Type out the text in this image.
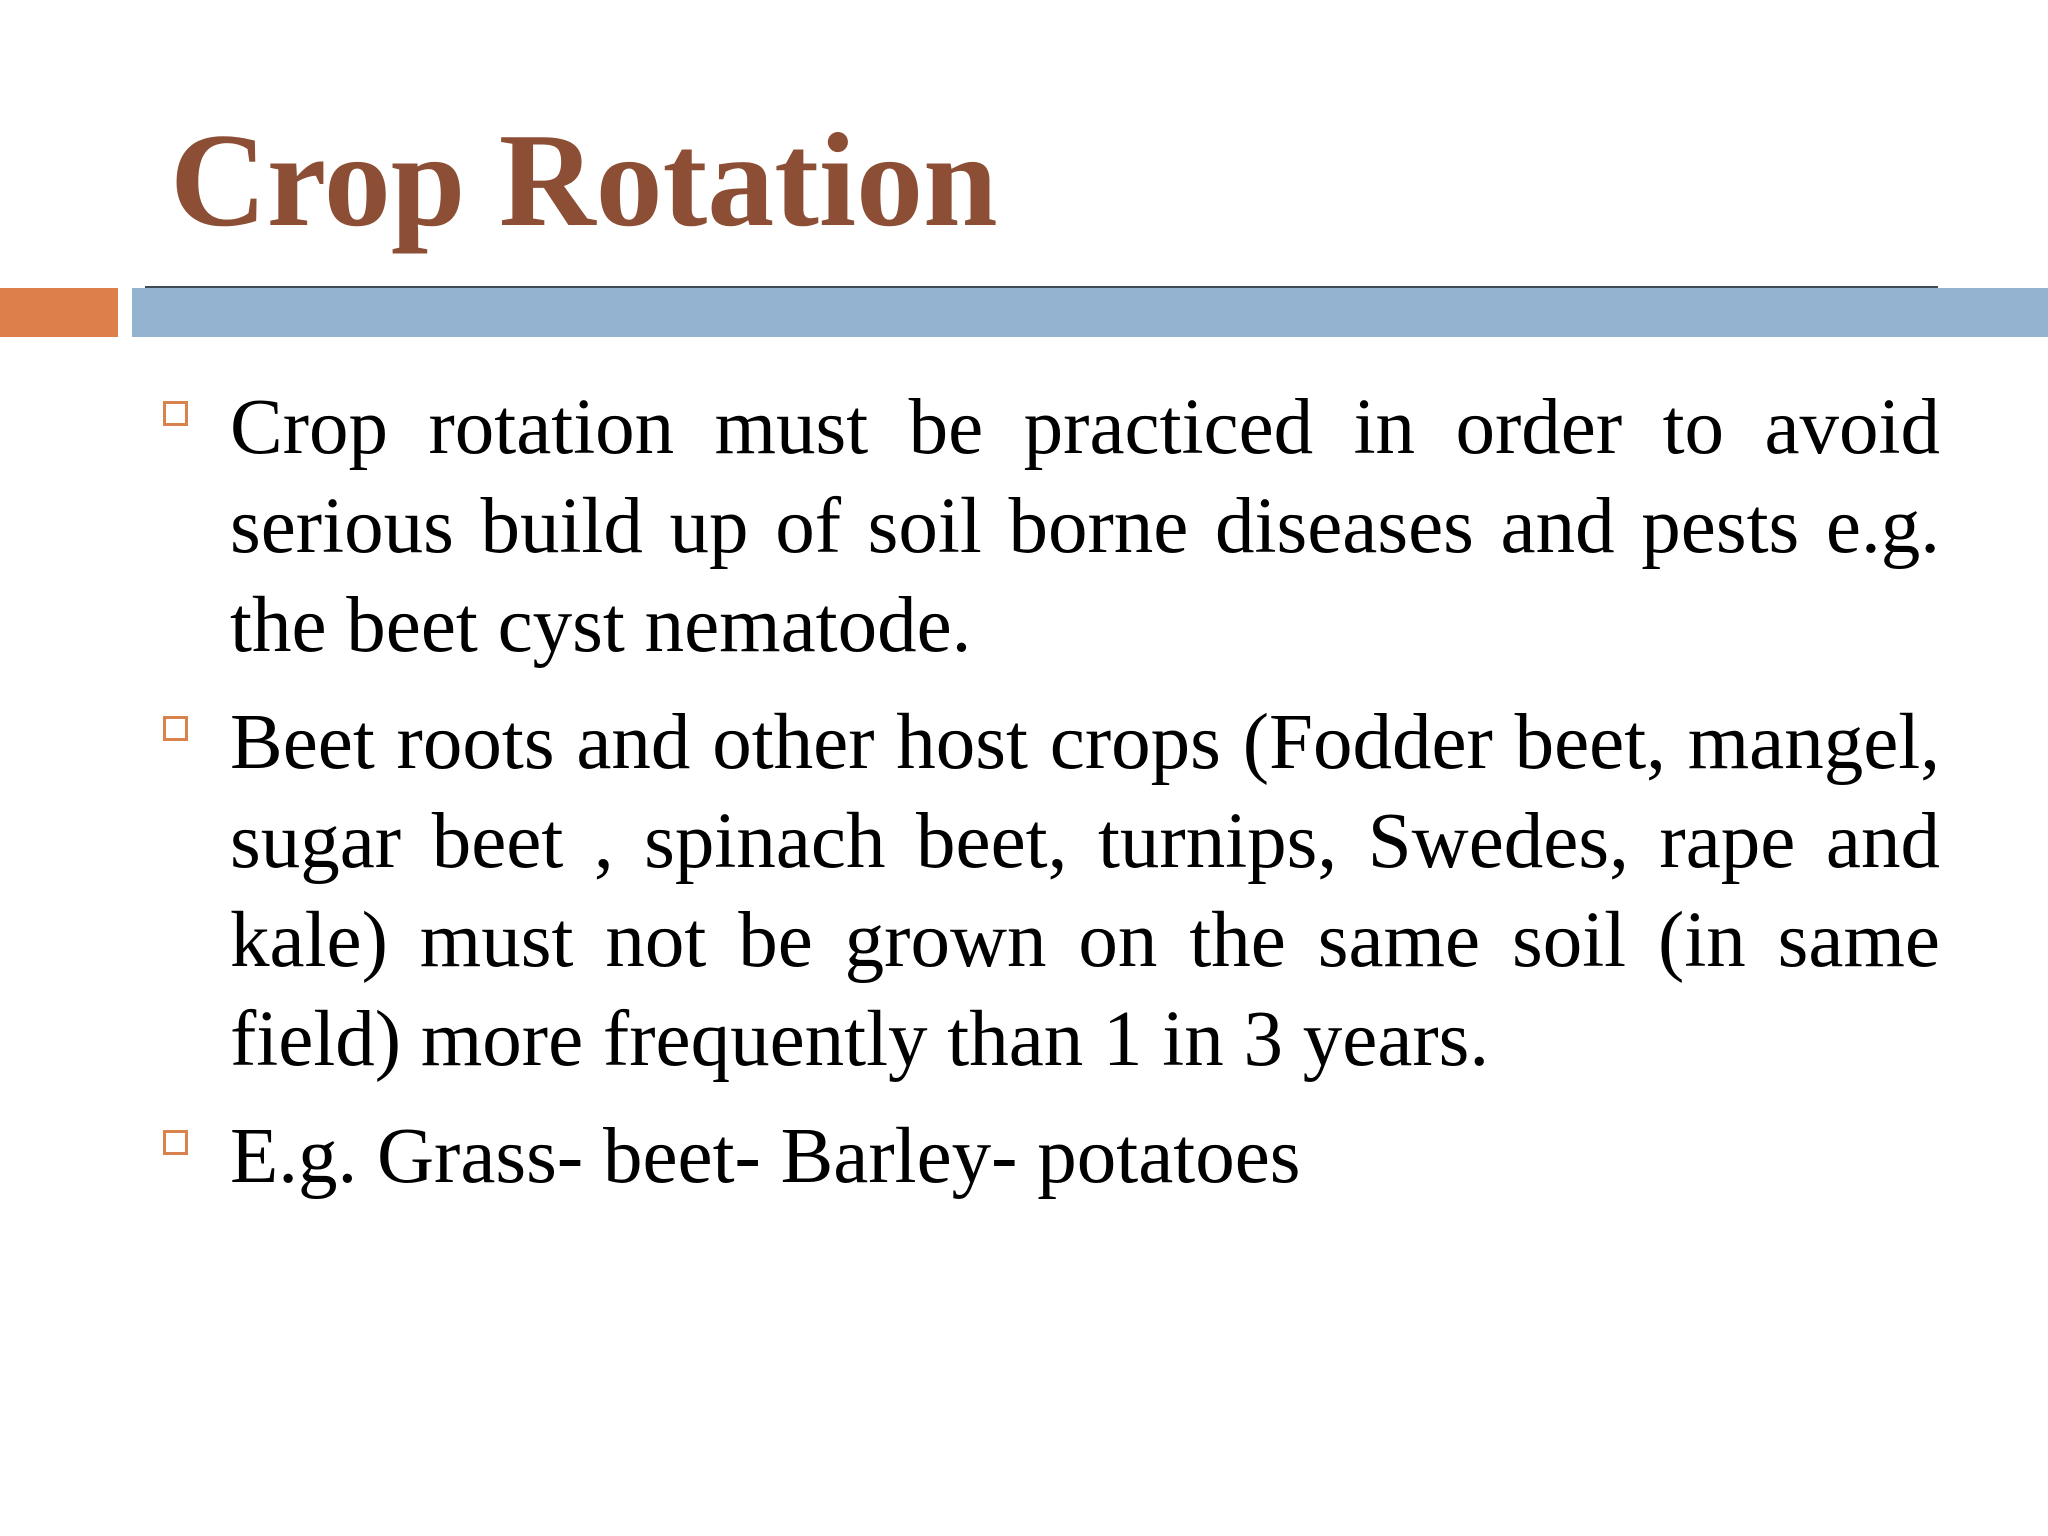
Crop Rotation
Crop rotation must be practiced in order to avoid serious build up of soil borne diseases and pests e.g. the beet cyst nematode.
Beet roots and other host crops (Fodder beet, mangel, sugar beet , spinach beet, turnips, Swedes, rape and kale) must not be grown on the same soil (in same field) more frequently than 1 in 3 years.
E.g. Grass- beet- Barley- potatoes
